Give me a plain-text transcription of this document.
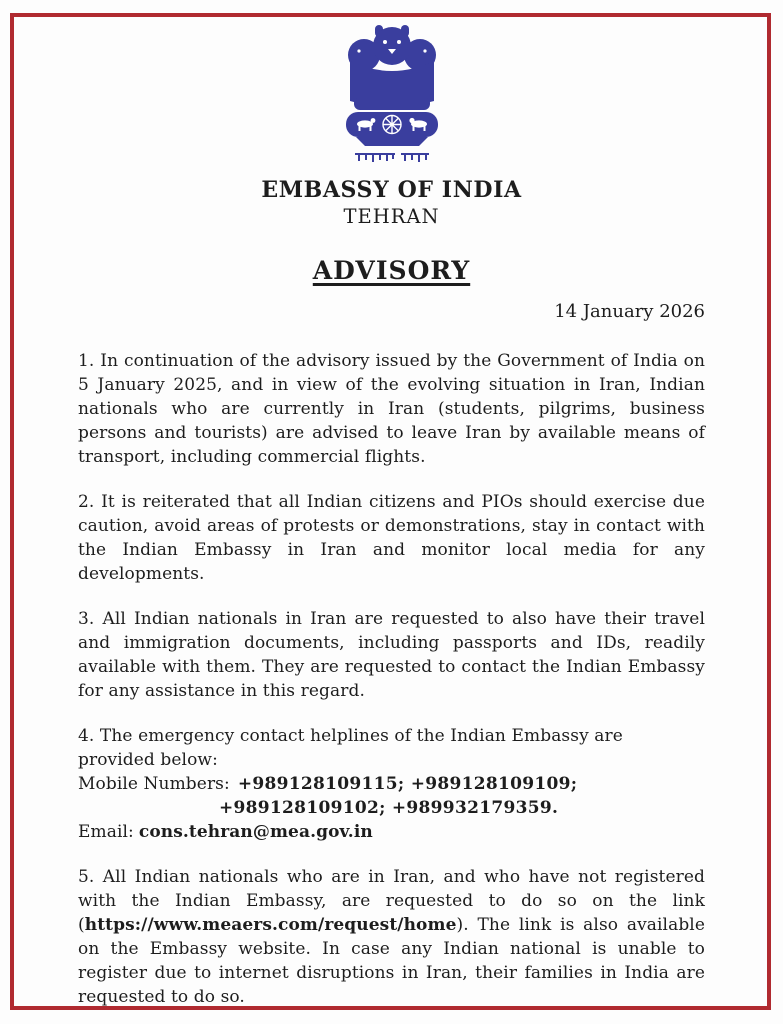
EMBASSY OF INDIA
TEHRAN
ADVISORY
14 January 2026

1. In continuation of the advisory issued by the Government of India on 5 January 2025, and in view of the evolving situation in Iran, Indian nationals who are currently in Iran (students, pilgrims, business persons and tourists) are advised to leave Iran by available means of transport, including commercial flights.

2. It is reiterated that all Indian citizens and PIOs should exercise due caution, avoid areas of protests or demonstrations, stay in contact with the Indian Embassy in Iran and monitor local media for any developments.

3. All Indian nationals in Iran are requested to also have their travel and immigration documents, including passports and IDs, readily available with them. They are requested to contact the Indian Embassy for any assistance in this regard.

4. The emergency contact helplines of the Indian Embassy are provided below:
Mobile Numbers: +989128109115; +989128109109;
+989128109102; +989932179359.
Email: cons.tehran@mea.gov.in

5. All Indian nationals who are in Iran, and who have not registered with the Indian Embassy, are requested to do so on the link (https://www.meaers.com/request/home). The link is also available on the Embassy website. In case any Indian national is unable to register due to internet disruptions in Iran, their families in India are requested to do so.
